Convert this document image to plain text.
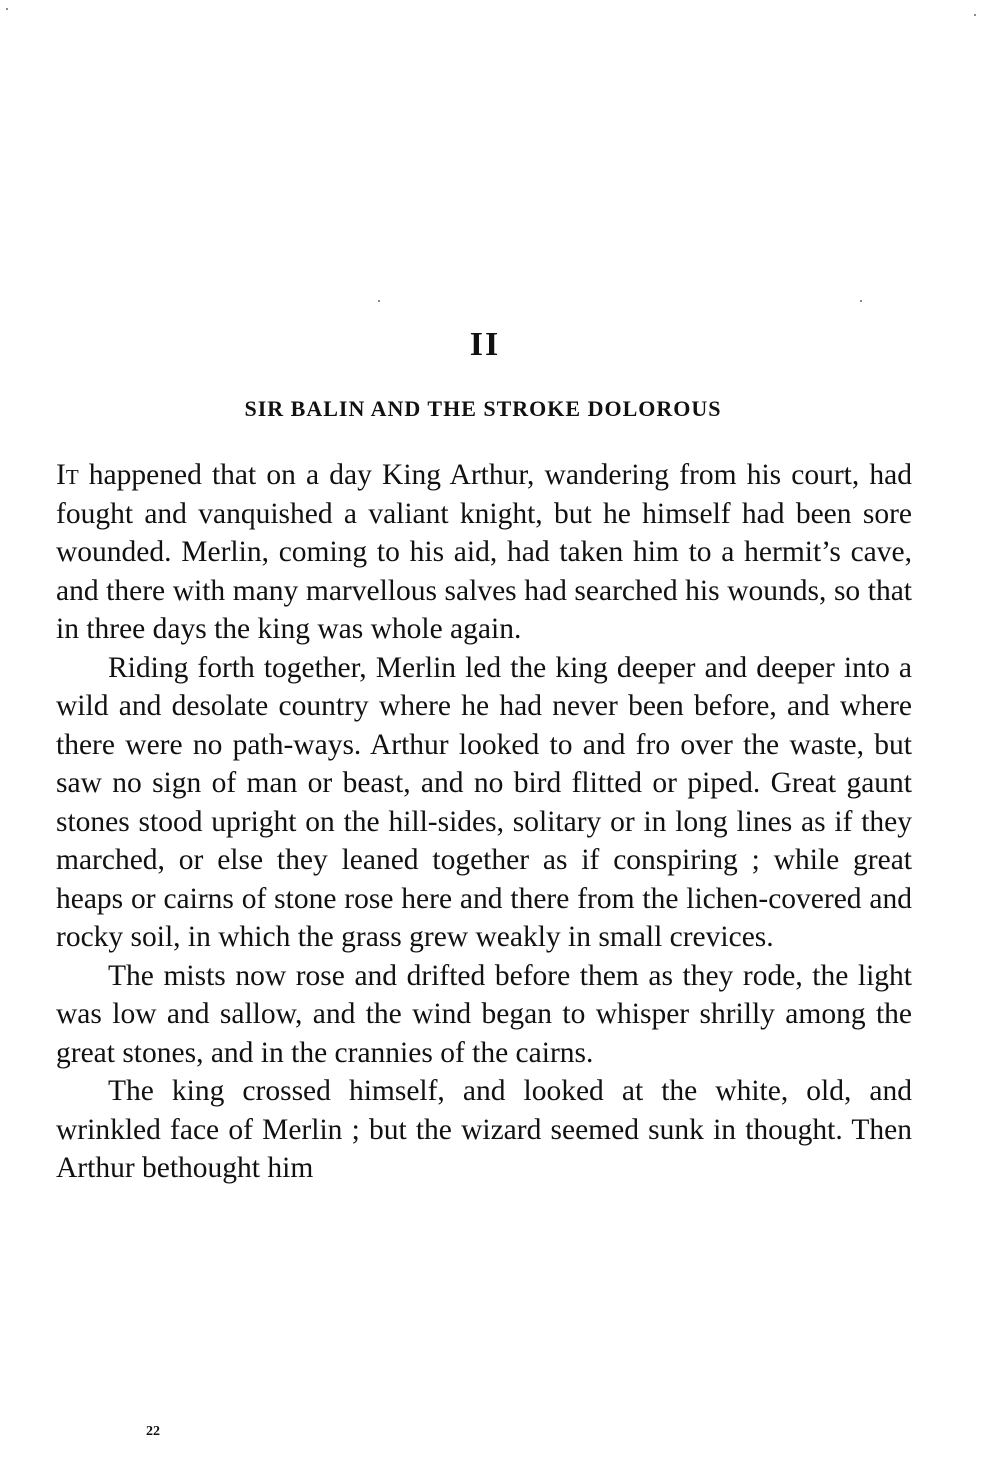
II
SIR BALIN AND THE STROKE DOLOROUS

It happened that on a day King Arthur, wandering from his court, had fought and vanquished a valiant knight, but he himself had been sore wounded. Merlin, coming to his aid, had taken him to a hermit’s cave, and there with many marvellous salves had searched his wounds, so that in three days the king was whole again.

Riding forth together, Merlin led the king deeper and deeper into a wild and desolate country where he had never been before, and where there were no path-ways. Arthur looked to and fro over the waste, but saw no sign of man or beast, and no bird flitted or piped. Great gaunt stones stood upright on the hill-sides, solitary or in long lines as if they marched, or else they leaned together as if conspiring ; while great heaps or cairns of stone rose here and there from the lichen-covered and rocky soil, in which the grass grew weakly in small crevices.

The mists now rose and drifted before them as they rode, the light was low and sallow, and the wind began to whisper shrilly among the great stones, and in the crannies of the cairns.

The king crossed himself, and looked at the white, old, and wrinkled face of Merlin ; but the wizard seemed sunk in thought. Then Arthur bethought him

22
